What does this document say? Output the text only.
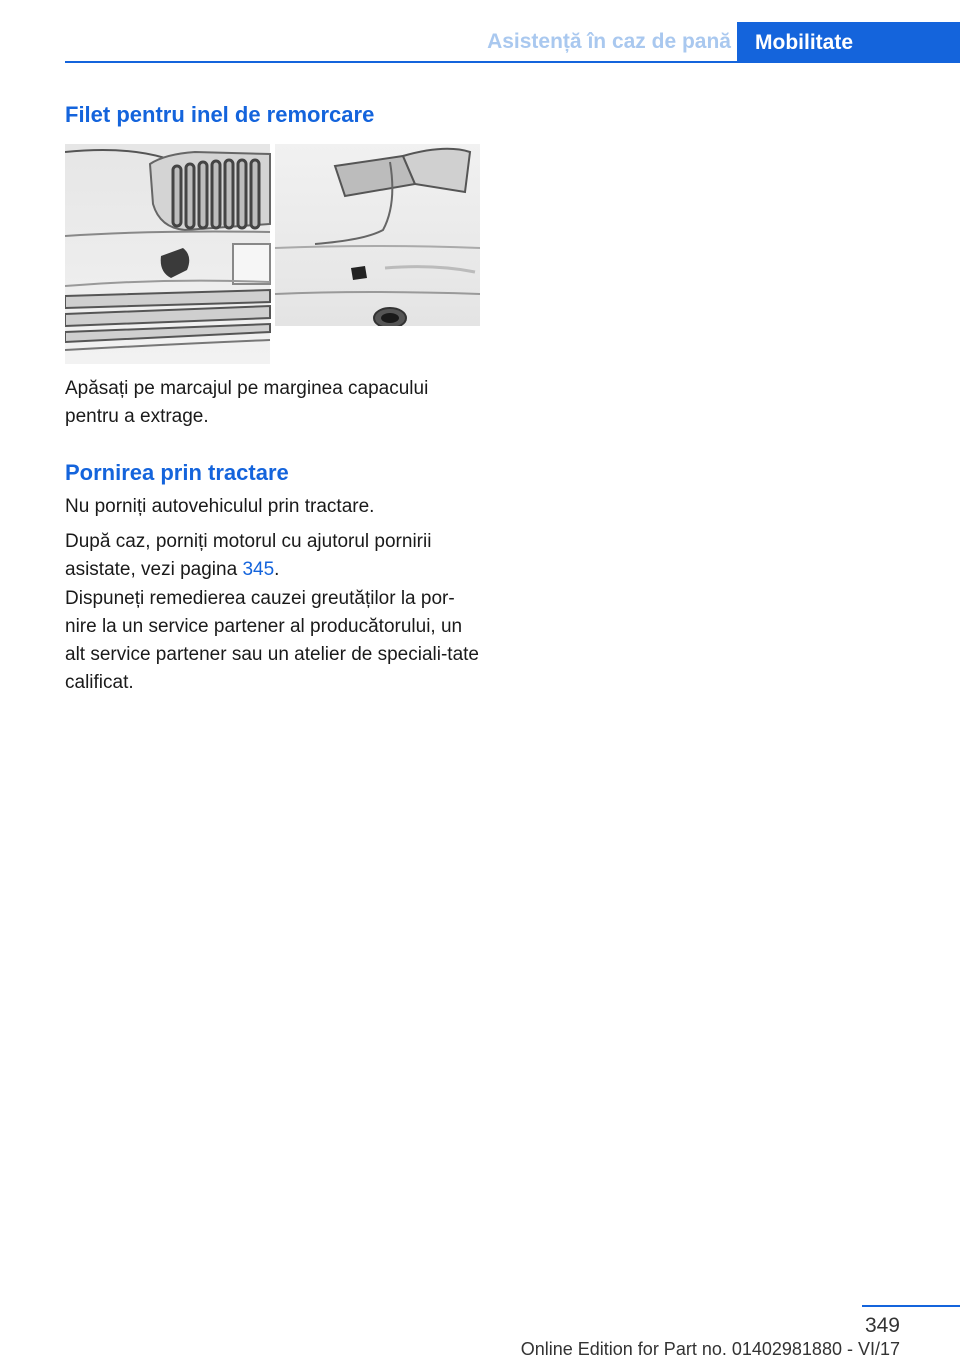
Asistență în caz de pană	Mobilitate
Filet pentru inel de remorcare

Apăsați pe marcajul pe marginea capacului pentru a extrage.

Pornirea prin tractare

Nu porniți autovehiculul prin tractare.

După caz, porniți motorul cu ajutorul pornirii asistate, vezi pagina 345.

Dispuneți remedierea cauzei greutăților la por‐nire la un service partener al producătorului, un alt service partener sau un atelier de speciali‐tate calificat.

349
Online Edition for Part no. 01402981880 - VI/17
